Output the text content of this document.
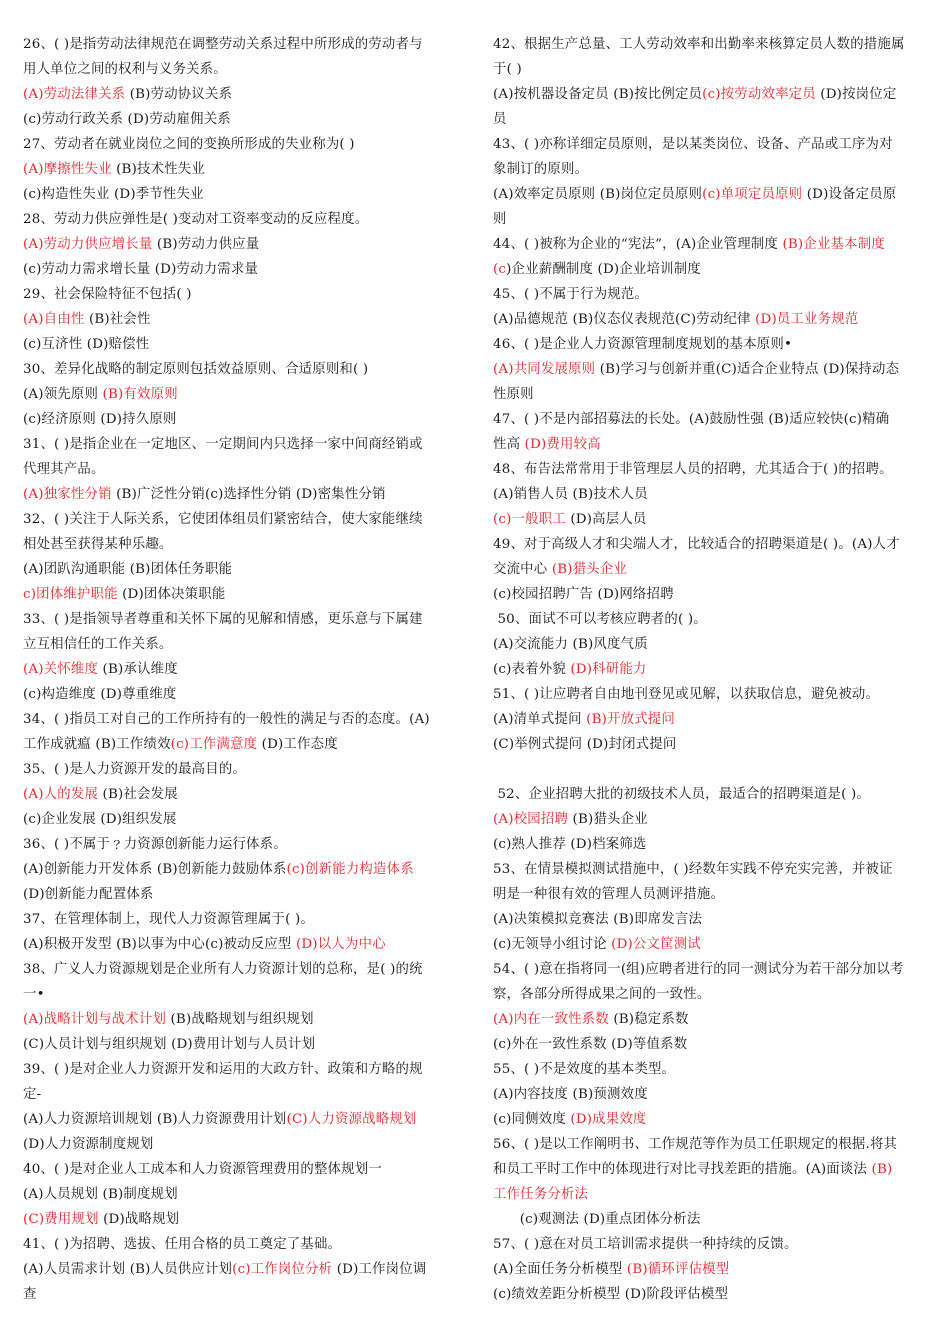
26、( )是指劳动法律规范在调整劳动关系过程中所形成的劳动者与
用人单位之间的权利与义务关系。
(A)劳动法律关系 (B)劳动协议关系
(c)劳动行政关系 (D)劳动雇佣关系
27、劳动者在就业岗位之间的变换所形成的失业称为( )
(A)摩擦性失业 (B)技术性失业
(c)构造性失业 (D)季节性失业
28、劳动力供应弹性是( )变动对工资率变动的反应程度。
(A)劳动力供应增长量 (B)劳动力供应量
(c)劳动力需求增长量 (D)劳动力需求量
29、社会保险特征不包括( )
(A)自由性 (B)社会性
(c)互济性 (D)赔偿性
30、差异化战略的制定原则包括效益原则、合适原则和( )
(A)领先原则 (B)有效原则
(c)经济原则 (D)持久原则
31、( )是指企业在一定地区、一定期间内只选择一家中间商经销或
代理其产品。
(A)独家性分销 (B)广泛性分销(c)选择性分销 (D)密集性分销
32、( )关注于人际关系，它使团体组员们紧密结合，使大家能继续
相处甚至获得某种乐趣。
(A)团趴沟通职能 (B)团体任务职能
c)团体维护职能 (D)团体决策职能
33、( )是指领导者尊重和关怀下属的见解和情感，更乐意与下属建
立互相信任的工作关系。
(A)关怀维度 (B)承认维度
(c)构造维度 (D)尊重维度
34、( )指员工对自己的工作所持有的一般性的满足与否的态度。(A)
工作成就瘟 (B)工作绩效(c)工作满意度 (D)工作态度
35、( )是人力资源开发的最高目的。
(A)人的发展 (B)社会发展
(c)企业发展 (D)组织发展
36、( )不属于﹖力资源创新能力运行体系。
(A)创新能力开发体系 (B)创新能力鼓励体系(c)创新能力构造体系
(D)创新能力配置体系
37、在管理体制上，现代人力资源管理属于( )。
(A)积极开发型 (B)以事为中心(c)被动反应型 (D)以人为中心
38、广义人力资源规划是企业所有人力资源计划的总称，是( )的统
一•
(A)战略计划与战术计划 (B)战略规划与组织规划
(C)人员计划与组织规划 (D)费用计划与人员计划
39、( )是对企业人力资源开发和运用的大政方针、政策和方略的规
定-
(A)人力资源培训规划 (B)人力资源费用计划(C)人力资源战略规划
(D)人力资源制度规划
40、( )是对企业人工成本和人力资源管理费用的整体规划一
(A)人员规划 (B)制度规划
(C)费用规划 (D)战略规划
41、( )为招聘、选拔、任用合格的员工奠定了基础。
(A)人员需求计划 (B)人员供应计划(c)工作岗位分析 (D)工作岗位调
查
42、根据生产总量、工人劳动效率和出勤率来核算定员人数的措施属
于( )
(A)按机器设备定员 (B)按比例定员(c)按劳动效率定员 (D)按岗位定
员
43、( )亦称详细定员原则，是以某类岗位、设备、产品或工序为对
象制订的原则。
(A)效率定员原则 (B)岗位定员原则(c)单项定员原则 (D)设备定员原
则
44、( )被称为企业的“宪法”，(A)企业管理制度 (B)企业基本制度
(c)企业薪酬制度 (D)企业培训制度
45、( )不属于行为规范。
(A)品德规范 (B)仪态仪表规范(C)劳动纪律 (D)员工业务规范
46、( )是企业人力资源管理制度规划的基本原则•
(A)共同发展原则 (B)学习与创新并重(C)适合企业特点 (D)保持动态
性原则
47、( )不是内部招募法的长处。(A)鼓励性强 (B)适应较快(c)精确
性高 (D)费用较高
48、布告法常常用于非管理层人员的招聘，尤其适合于( )的招聘。
(A)销售人员 (B)技术人员
(c)一般职工 (D)高层人员
49、对于高级人才和尖端人才，比较适合的招聘渠道是( )。(A)人才
交流中心 (B)猎头企业
(c)校园招聘广告 (D)网络招聘
50、面试不可以考核应聘者的( )。
(A)交流能力 (B)风度气质
(c)表着外貌 (D)科研能力
51、( )让应聘者自由地刊登见或见解，以获取信息，避免被动。
(A)清单式提问 (B)开放式提问
(C)举例式提问 (D)封闭式提问
52、企业招聘大批的初级技术人员，最适合的招聘渠道是( )。
(A)校园招聘 (B)猎头企业
(c)熟人推荐 (D)档案筛选
53、在情景模拟测试措施中，( )经数年实践不停充实完善，并被证
明是一种很有效的管理人员测评措施。
(A)决策模拟竞赛法 (B)即席发言法
(c)无领导小组讨论 (D)公文筐测试
54、( )意在指将同一(组)应聘者进行的同一测试分为若干部分加以考
察，各部分所得成果之间的一致性。
(A)内在一致性系数 (B)稳定系数
(c)外在一致性系数 (D)等值系数
55、( )不是效度的基本类型。
(A)内容技度 (B)预测效度
(c)同侧效度 (D)成果效度
56、( )是以工作阐明书、工作规范等作为员工任职规定的根据.将其
和员工平时工作中的体现进行对比寻找差距的措施。(A)面谈法 (B)
工作任务分析法
(c)观测法 (D)重点团体分析法
57、( )意在对员工培训需求提供一种持续的反馈。
(A)全面任务分析模型 (B)循环评估模型
(c)绩效差距分析模型 (D)阶段评估模型
